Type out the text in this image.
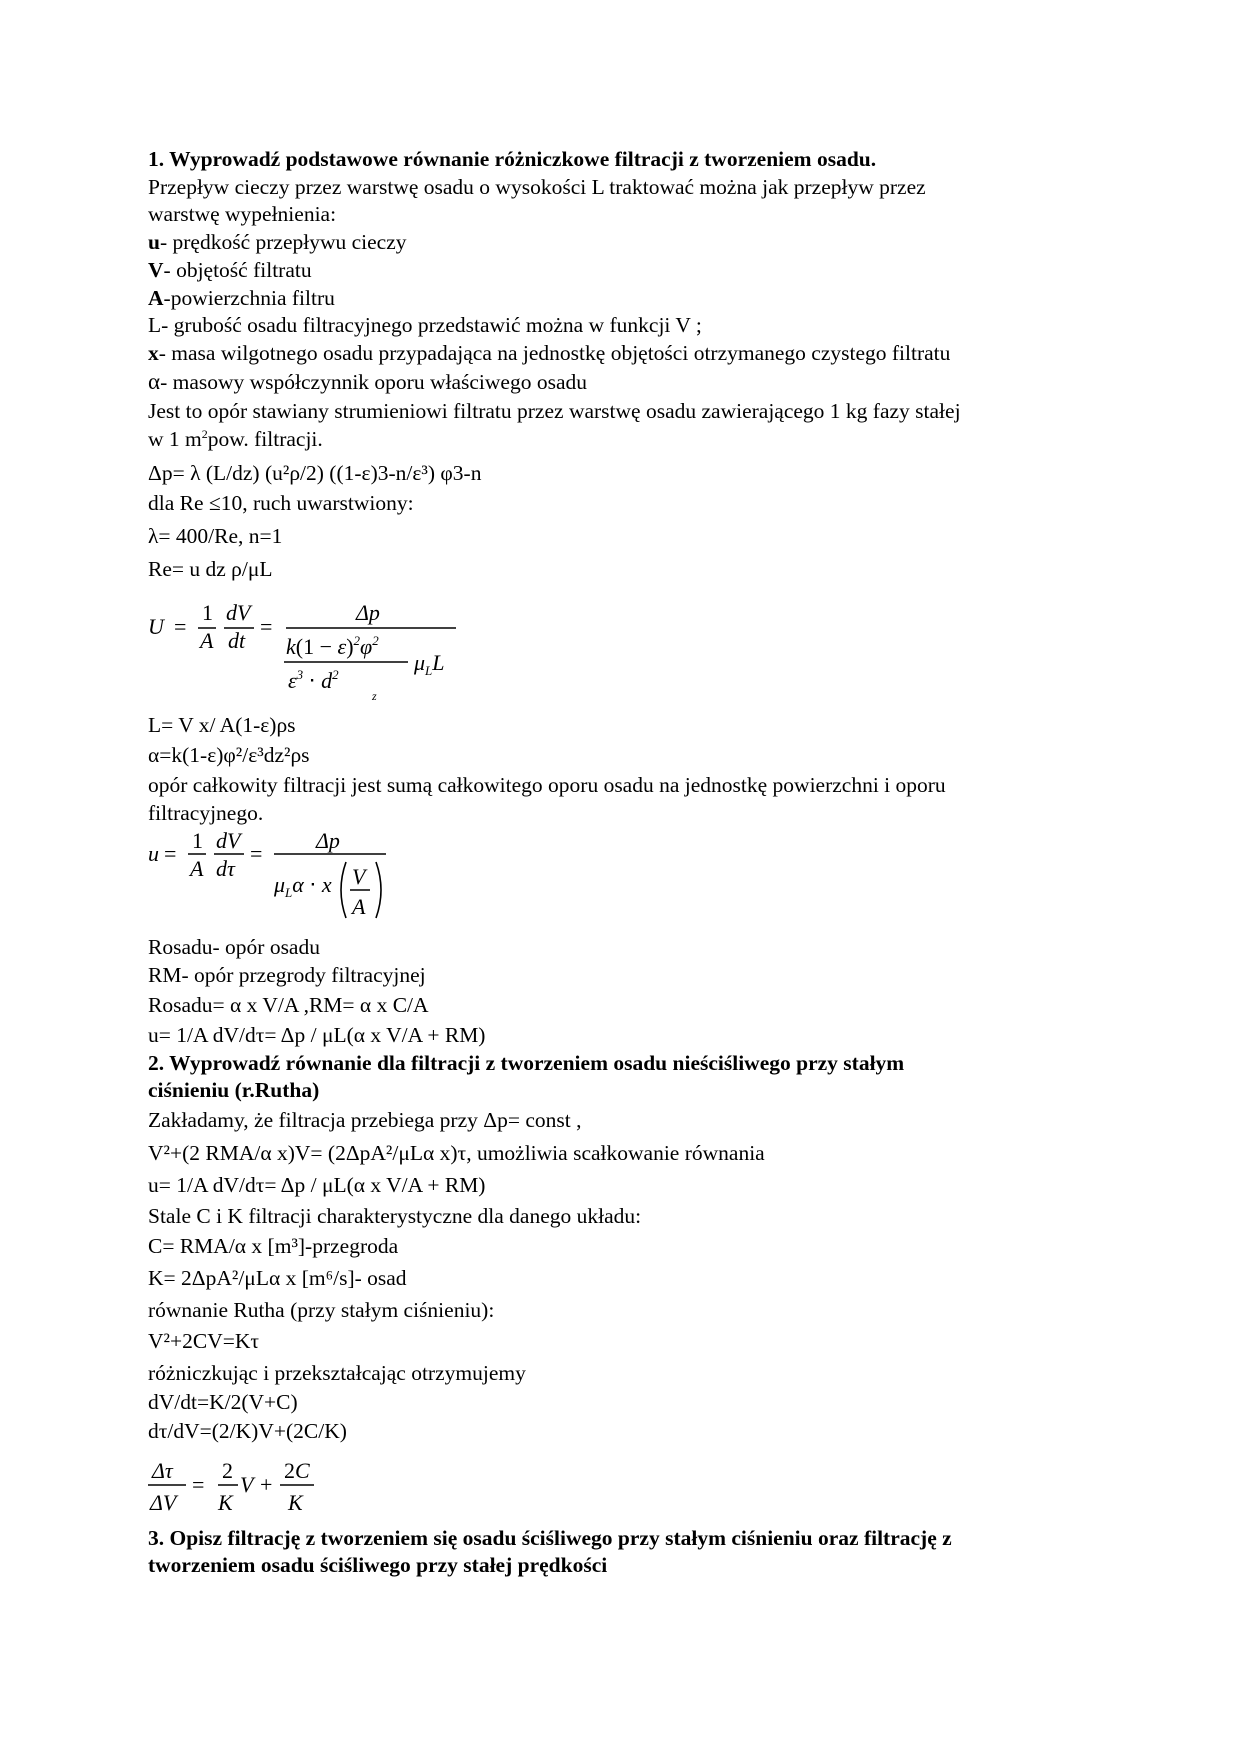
1. Wyprowadź podstawowe równanie różniczkowe filtracji z tworzeniem osadu.
Przepływ cieczy przez warstwę osadu o wysokości L traktować można jak przepływ przez
warstwę wypełnienia:
u- prędkość przepływu cieczy
V- objętość filtratu
A-powierzchnia filtru
L- grubość osadu filtracyjnego przedstawić można w funkcji V ;
x- masa wilgotnego osadu przypadająca na jednostkę objętości otrzymanego czystego filtratu
α- masowy współczynnik oporu właściwego osadu
Jest to opór stawiany strumieniowi filtratu przez warstwę osadu zawierającego 1 kg fazy stałej
w 1 $m^2pow$. filtracji.
Δp= λ (L/dz) (u²ρ/2) ((1-ε)3-n/ε³) φ3-n
dla Re ≤10, ruch uwarstwiony:
λ= 400/Re, n=1
Re= u dz ρ/μL
U =
1
A
dV
dt
=
Δp
$k(1 - \varepsilon)^2\varphi^2$
$\varepsilon^3 \cdot d^2$
z
$\mu_LL$
L= V x/ A(1-ε)ρs
α=k(1-ε)φ²/ε³dz²ρs
opór całkowity filtracji jest sumą całkowitego oporu osadu na jednostkę powierzchni i oporu
filtracyjnego.
u =
1
A
dV
dτ
=
Δp
$\mu_L\alpha \cdot x$ V
A
Rosadu- opór osadu
RM- opór przegrody filtracyjnej
Rosadu= α x V/A ,RM= α x C/A
u= 1/A dV/dτ= Δp / μL(α x V/A + RM)
2. Wyprowadź równanie dla filtracji z tworzeniem osadu nieściśliwego przy stałym
ciśnieniu (r.Rutha)
Zakładamy, że filtracja przebiega przy Δp= const ,
V²+(2 RMA/α x)V= (2ΔpA²/μLα x)τ, umożliwia scałkowanie równania
u= 1/A dV/dτ= Δp / μL(α x V/A + RM)
Stale C i K filtracji charakterystyczne dla danego układu:
C= RMA/α x [m³]-przegroda
K= 2ΔpA²/μLα x [m⁶/s]- osad
równanie Rutha (przy stałym ciśnieniu):
V²+2CV=Kτ
różniczkując i przekształcając otrzymujemy
dV/dt=K/2(V+C)
dτ/dV=(2/K)V+(2C/K)
Δτ
ΔV
=
2
K
V +
2C
K
3. Opisz filtrację z tworzeniem się osadu ściśliwego przy stałym ciśnieniu oraz filtrację z
tworzeniem osadu ściśliwego przy stałej prędkości
